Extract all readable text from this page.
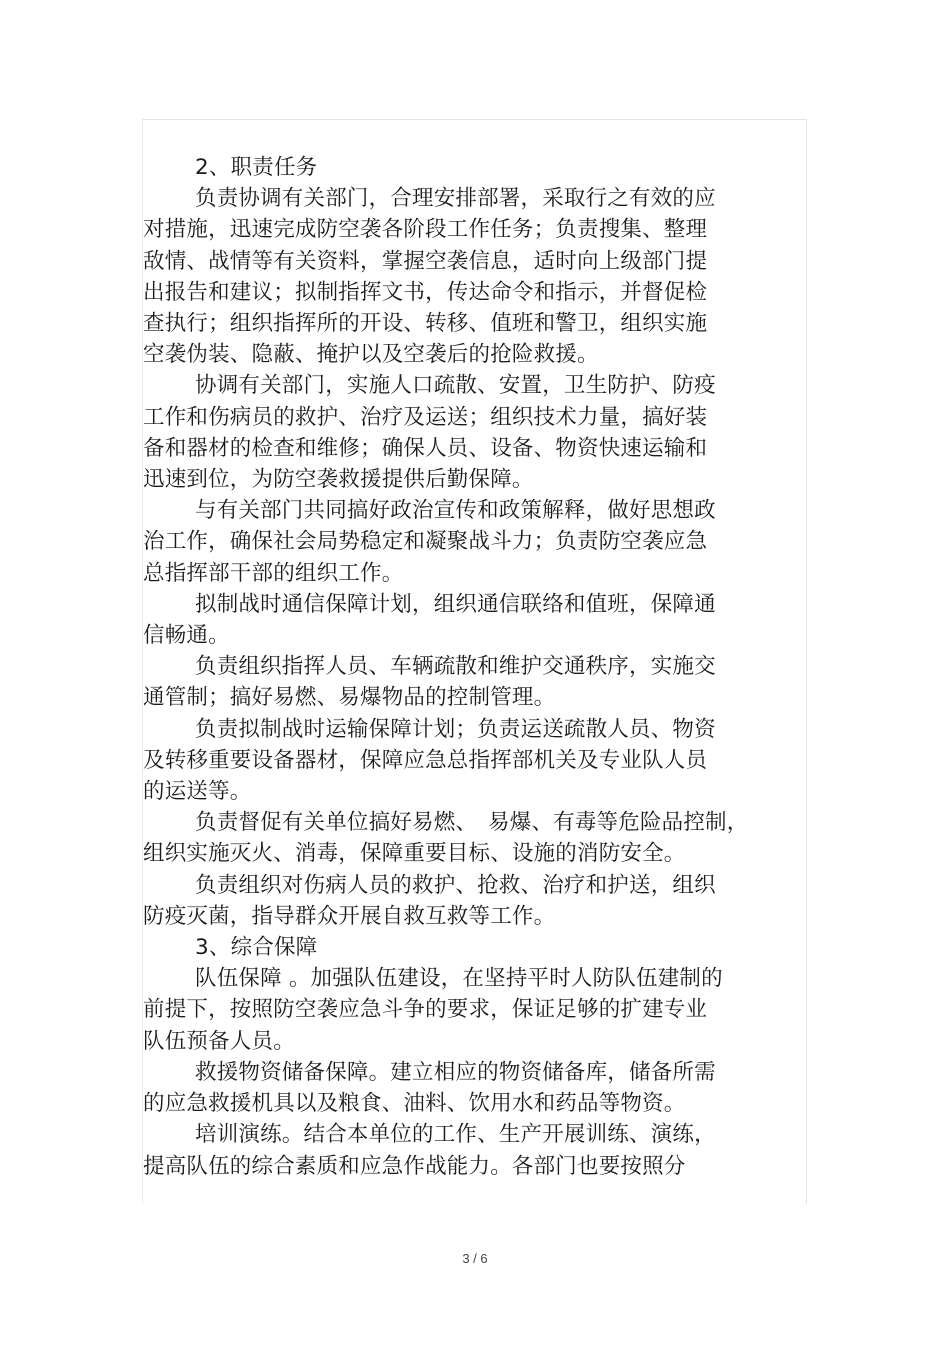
2、职责任务

负责协调有关部门，合理安排部署，采取行之有效的应

对措施，迅速完成防空袭各阶段工作任务；负责搜集、整理

敌情、战情等有关资料，掌握空袭信息，适时向上级部门提

出报告和建议；拟制指挥文书，传达命令和指示，并督促检

查执行；组织指挥所的开设、转移、值班和警卫，组织实施

空袭伪装、隐蔽、掩护以及空袭后的抢险救援。

协调有关部门，实施人口疏散、安置，卫生防护、防疫

工作和伤病员的救护、治疗及运送；组织技术力量，搞好装

备和器材的检查和维修；确保人员、设备、物资快速运输和

迅速到位，为防空袭救援提供后勤保障。

与有关部门共同搞好政治宣传和政策解释，做好思想政

治工作，确保社会局势稳定和凝聚战斗力；负责防空袭应急

总指挥部干部的组织工作。

拟制战时通信保障计划，组织通信联络和值班，保障通

信畅通。

负责组织指挥人员、车辆疏散和维护交通秩序，实施交

通管制；搞好易燃、易爆物品的控制管理。

负责拟制战时运输保障计划；负责运送疏散人员、物资

及转移重要设备器材，保障应急总指挥部机关及专业队人员

的运送等。

负责督促有关单位搞好易燃、　易爆、有毒等危险品控制，

组织实施灭火、消毒，保障重要目标、设施的消防安全。

负责组织对伤病人员的救护、抢救、治疗和护送，组织

防疫灭菌，指导群众开展自救互救等工作。

3、综合保障

队伍保障 。加强队伍建设，在坚持平时人防队伍建制的

前提下，按照防空袭应急斗争的要求，保证足够的扩建专业

队伍预备人员。

救援物资储备保障。建立相应的物资储备库，储备所需

的应急救援机具以及粮食、油料、饮用水和药品等物资。

培训演练。结合本单位的工作、生产开展训练、演练，

提高队伍的综合素质和应急作战能力。各部门也要按照分

3 / 6
